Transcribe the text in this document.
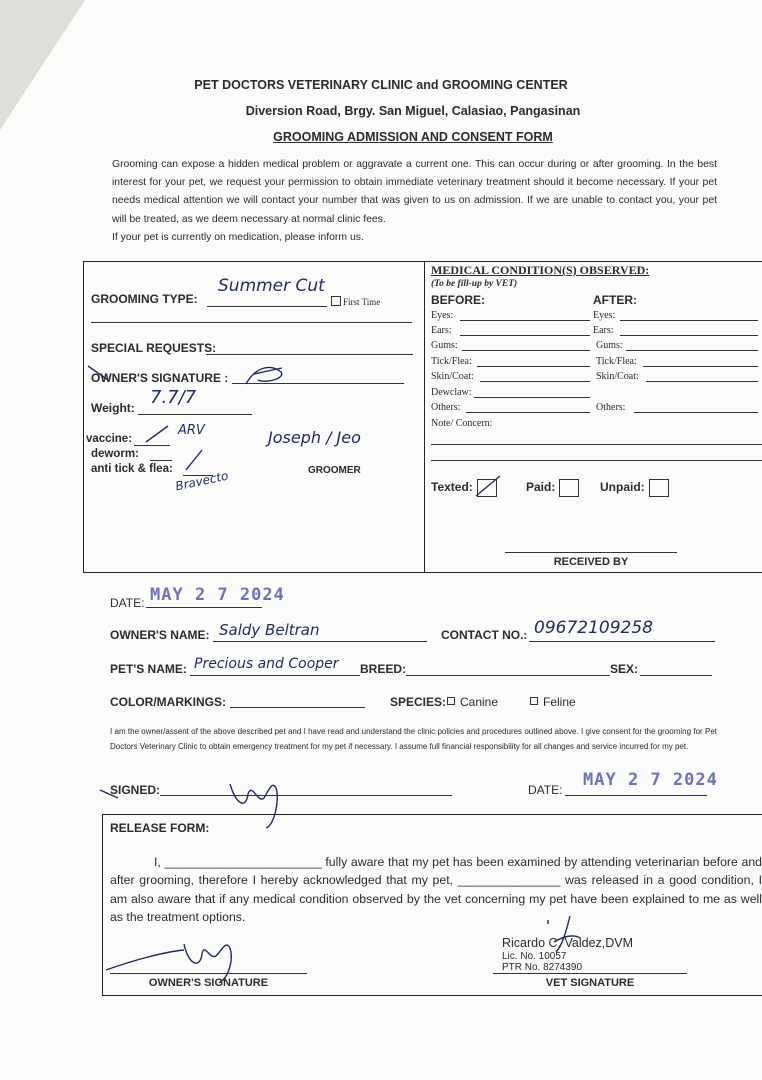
PET DOCTORS VETERINARY CLINIC and GROOMING CENTER
Diversion Road, Brgy. San Miguel, Calasiao, Pangasinan
GROOMING ADMISSION AND CONSENT FORM
Grooming can expose a hidden medical problem or aggravate a current one. This can occur during or after grooming. In the best interest for your pet, we request your permission to obtain immediate veterinary treatment should it become necessary. If your pet needs medical attention we will contact your number that was given to us on admission. If we are unable to contact you, your pet will be treated, as we deem necessary at normal clinic fees.
If your pet is currently on medication, please inform us.
GROOMING TYPE:
Summer Cut
First Time
SPECIAL REQUESTS:
OWNER'S SIGNATURE :
Weight: 7.7/7
vaccine:
ARV
deworm:
anti tick & flea: Bravecto
Joseph / Jeo
GROOMER
MEDICAL CONDITION(S) OBSERVED:
(To be fill-up by VET)
BEFORE:	AFTER:
Eyes:	Eyes:
Ears:	Ears:
Gums:	Gums:
Tick/Flea:	Tick/Flea:
Skin/Coat:	Skin/Coat:
Dewclaw:
Others:	Others:
Note/ Concern:
Texted:	Paid:	Unpaid:
RECEIVED BY
DATE: MAY 2 7 2024
OWNER'S NAME: Saldy Beltran	CONTACT NO.: 09672109258
PET'S NAME: Precious and Cooper BREED:	SEX:
COLOR/MARKINGS:	SPECIES:	Canine	Feline
I am the owner/assent of the above described pet and I have read and understand the clinic policies and procedures outlined above. I give consent for the grooming for Pet Doctors Veterinary Clinic to obtain emergency treatment for my pet if necessary. I assume full financial responsibility for all changes and service incurred for my pet.
SIGNED:	DATE: MAY 2 7 2024
RELEASE FORM:
I, _______________________ fully aware that my pet has been examined by attending veterinarian before and after grooming, therefore I hereby acknowledged that my pet, _______________ was released in a good condition, I am also aware that if any medical condition observed by the vet concerning my pet have been explained to me as well as the treatment options.
Ricardo C. Valdez,DVM
Lic. No. 10057
PTR No. 8274390
VET SIGNATURE
OWNER'S SIGNATURE
